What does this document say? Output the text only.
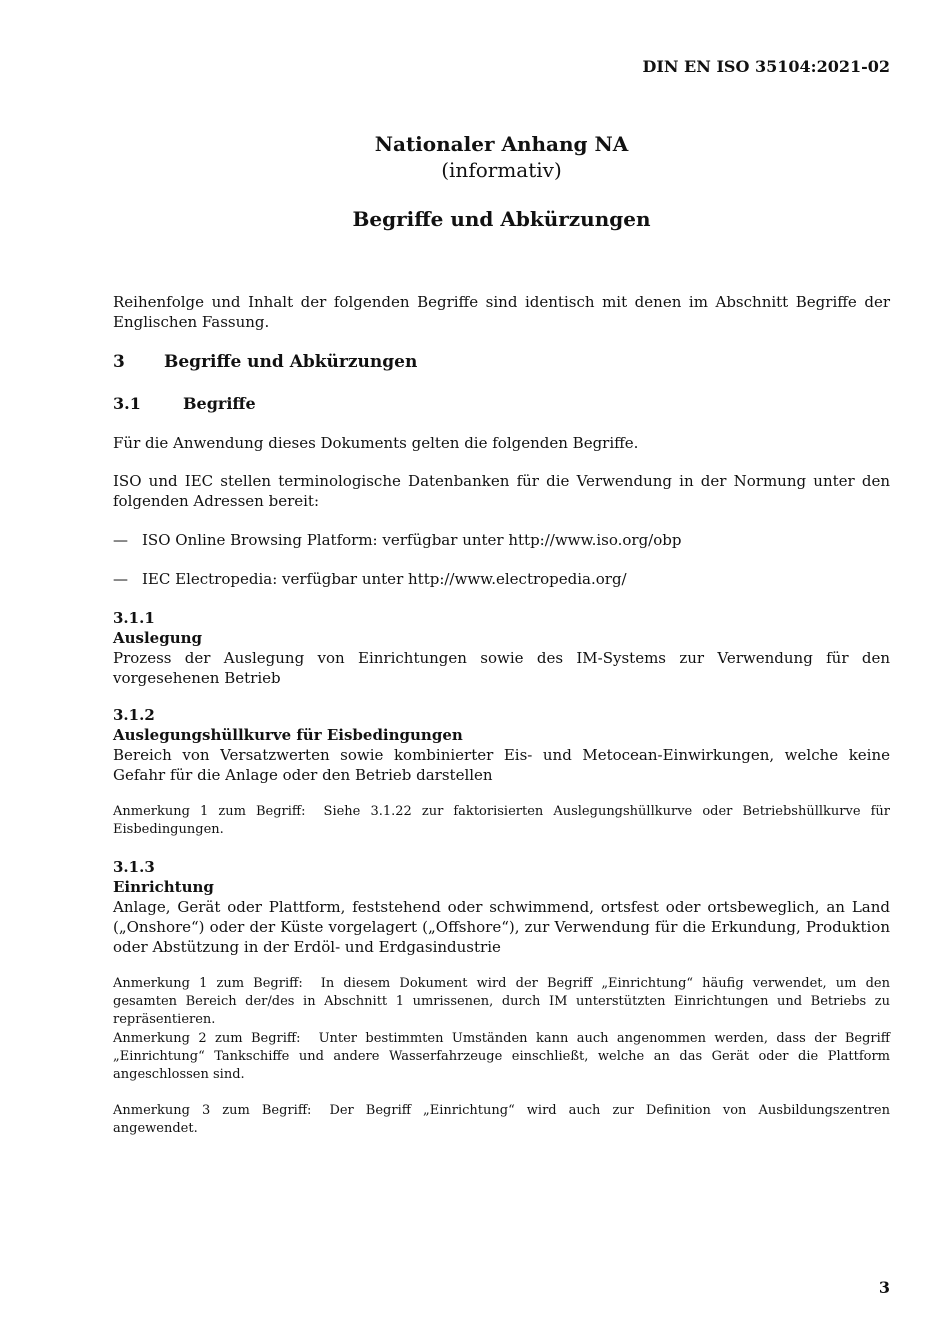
DIN EN ISO 35104:2021-02
Nationaler Anhang NA
(informativ)
Begriffe und Abkürzungen
Reihenfolge und Inhalt der folgenden Begriffe sind identisch mit denen im Abschnitt Begriffe der Englischen Fassung.
3	Begriffe und Abkürzungen
3.1	Begriffe
Für die Anwendung dieses Dokuments gelten die folgenden Begriffe.
ISO und IEC stellen terminologische Datenbanken für die Verwendung in der Normung unter den folgenden Adressen bereit:
— ISO Online Browsing Platform: verfügbar unter http://www.iso.org/obp
— IEC Electropedia: verfügbar unter http://www.electropedia.org/
3.1.1
Auslegung
Prozess der Auslegung von Einrichtungen sowie des IM-Systems zur Verwendung für den vorgesehenen Betrieb
3.1.2
Auslegungshüllkurve für Eisbedingungen
Bereich von Versatzwerten sowie kombinierter Eis- und Metocean-Einwirkungen, welche keine Gefahr für die Anlage oder den Betrieb darstellen
Anmerkung 1 zum Begriff: Siehe 3.1.22 zur faktorisierten Auslegungshüllkurve oder Betriebshüllkurve für Eisbedingungen.
3.1.3
Einrichtung
Anlage, Gerät oder Plattform, feststehend oder schwimmend, ortsfest oder ortsbeweglich, an Land („Onshore“) oder der Küste vorgelagert („Offshore“), zur Verwendung für die Erkundung, Produktion oder Abstützung in der Erdöl- und Erdgasindustrie
Anmerkung 1 zum Begriff: In diesem Dokument wird der Begriff „Einrichtung“ häufig verwendet, um den gesamten Bereich der/des in Abschnitt 1 umrissenen, durch IM unterstützten Einrichtungen und Betriebs zu repräsentieren.
Anmerkung 2 zum Begriff: Unter bestimmten Umständen kann auch angenommen werden, dass der Begriff „Einrichtung“ Tankschiffe und andere Wasserfahrzeuge einschließt, welche an das Gerät oder die Plattform angeschlossen sind.
Anmerkung 3 zum Begriff: Der Begriff „Einrichtung“ wird auch zur Definition von Ausbildungszentren angewendet.
3
